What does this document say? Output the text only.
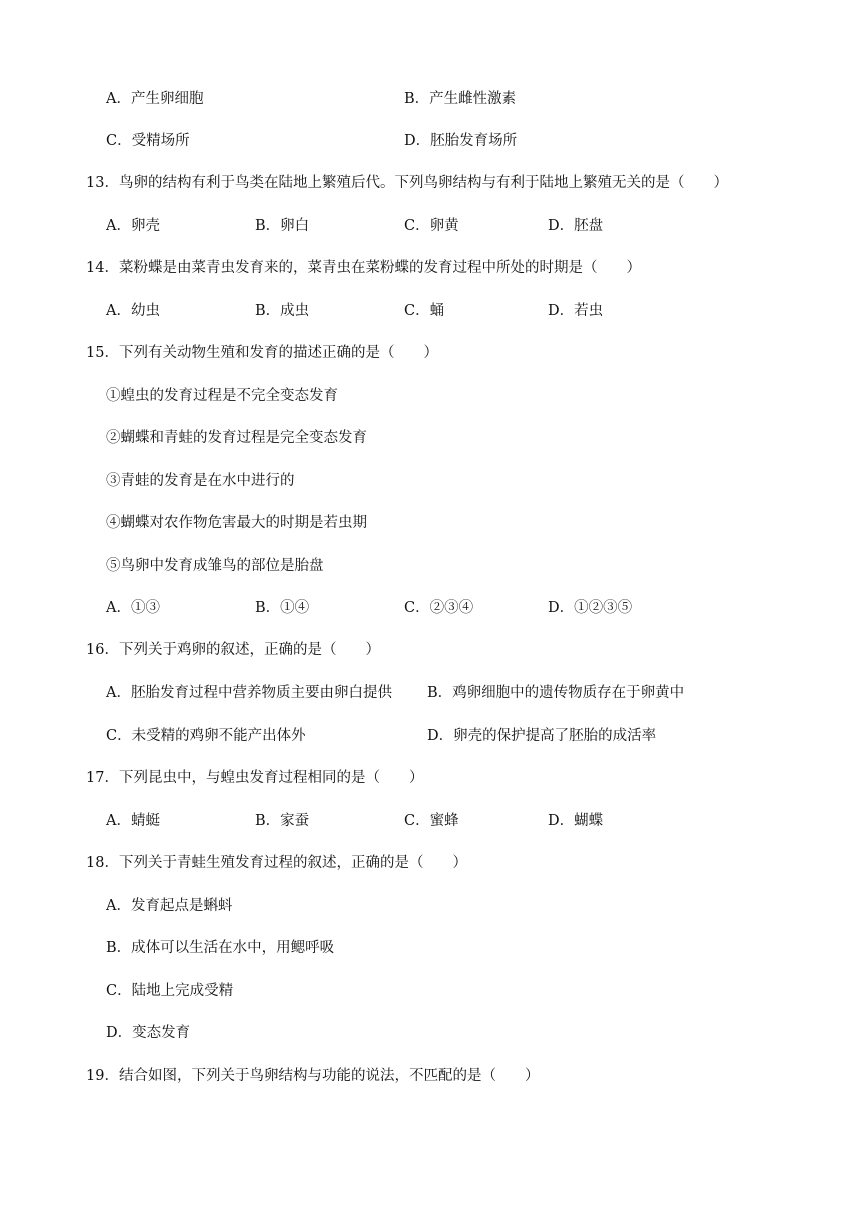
A．产生卵细胞	B．产生雌性激素
C．受精场所	D．胚胎发育场所
13．鸟卵的结构有利于鸟类在陆地上繁殖后代。下列鸟卵结构与有利于陆地上繁殖无关的是（　　）
A．卵壳	B．卵白	C．卵黄	D．胚盘
14．菜粉蝶是由菜青虫发育来的，菜青虫在菜粉蝶的发育过程中所处的时期是（　　）
A．幼虫	B．成虫	C．蛹	D．若虫
15．下列有关动物生殖和发育的描述正确的是（　　）
①蝗虫的发育过程是不完全变态发育
②蝴蝶和青蛙的发育过程是完全变态发育
③青蛙的发育是在水中进行的
④蝴蝶对农作物危害最大的时期是若虫期
⑤鸟卵中发育成雏鸟的部位是胎盘
A．①③	B．①④	C．②③④	D．①②③⑤
16．下列关于鸡卵的叙述，正确的是（　　）
A．胚胎发育过程中营养物质主要由卵白提供 B．鸡卵细胞中的遗传物质存在于卵黄中
C．未受精的鸡卵不能产出体外	D．卵壳的保护提高了胚胎的成活率
17．下列昆虫中，与蝗虫发育过程相同的是（　　）
A．蜻蜓	B．家蚕	C．蜜蜂	D．蝴蝶
18．下列关于青蛙生殖发育过程的叙述，正确的是（　　）
A．发育起点是蝌蚪
B．成体可以生活在水中，用鳃呼吸
C．陆地上完成受精
D．变态发育
19．结合如图，下列关于鸟卵结构与功能的说法，不匹配的是（　　）
